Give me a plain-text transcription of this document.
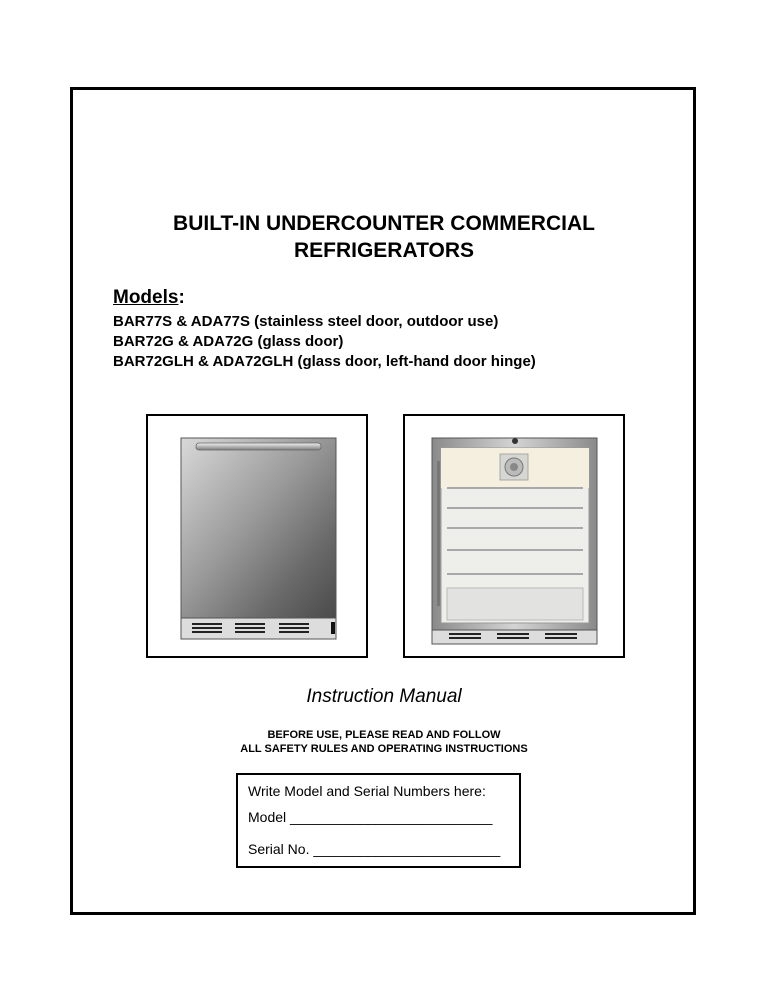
BUILT-IN UNDERCOUNTER COMMERCIAL
REFRIGERATORS
Models:
BAR77S & ADA77S (stainless steel door, outdoor use)
BAR72G & ADA72G (glass door)
BAR72GLH & ADA72GLH (glass door, left-hand door hinge)
Instruction Manual
BEFORE USE, PLEASE READ AND FOLLOW
ALL SAFETY RULES AND OPERATING INSTRUCTIONS
Write Model and Serial Numbers here:
Model __________________________
Serial No. ________________________
